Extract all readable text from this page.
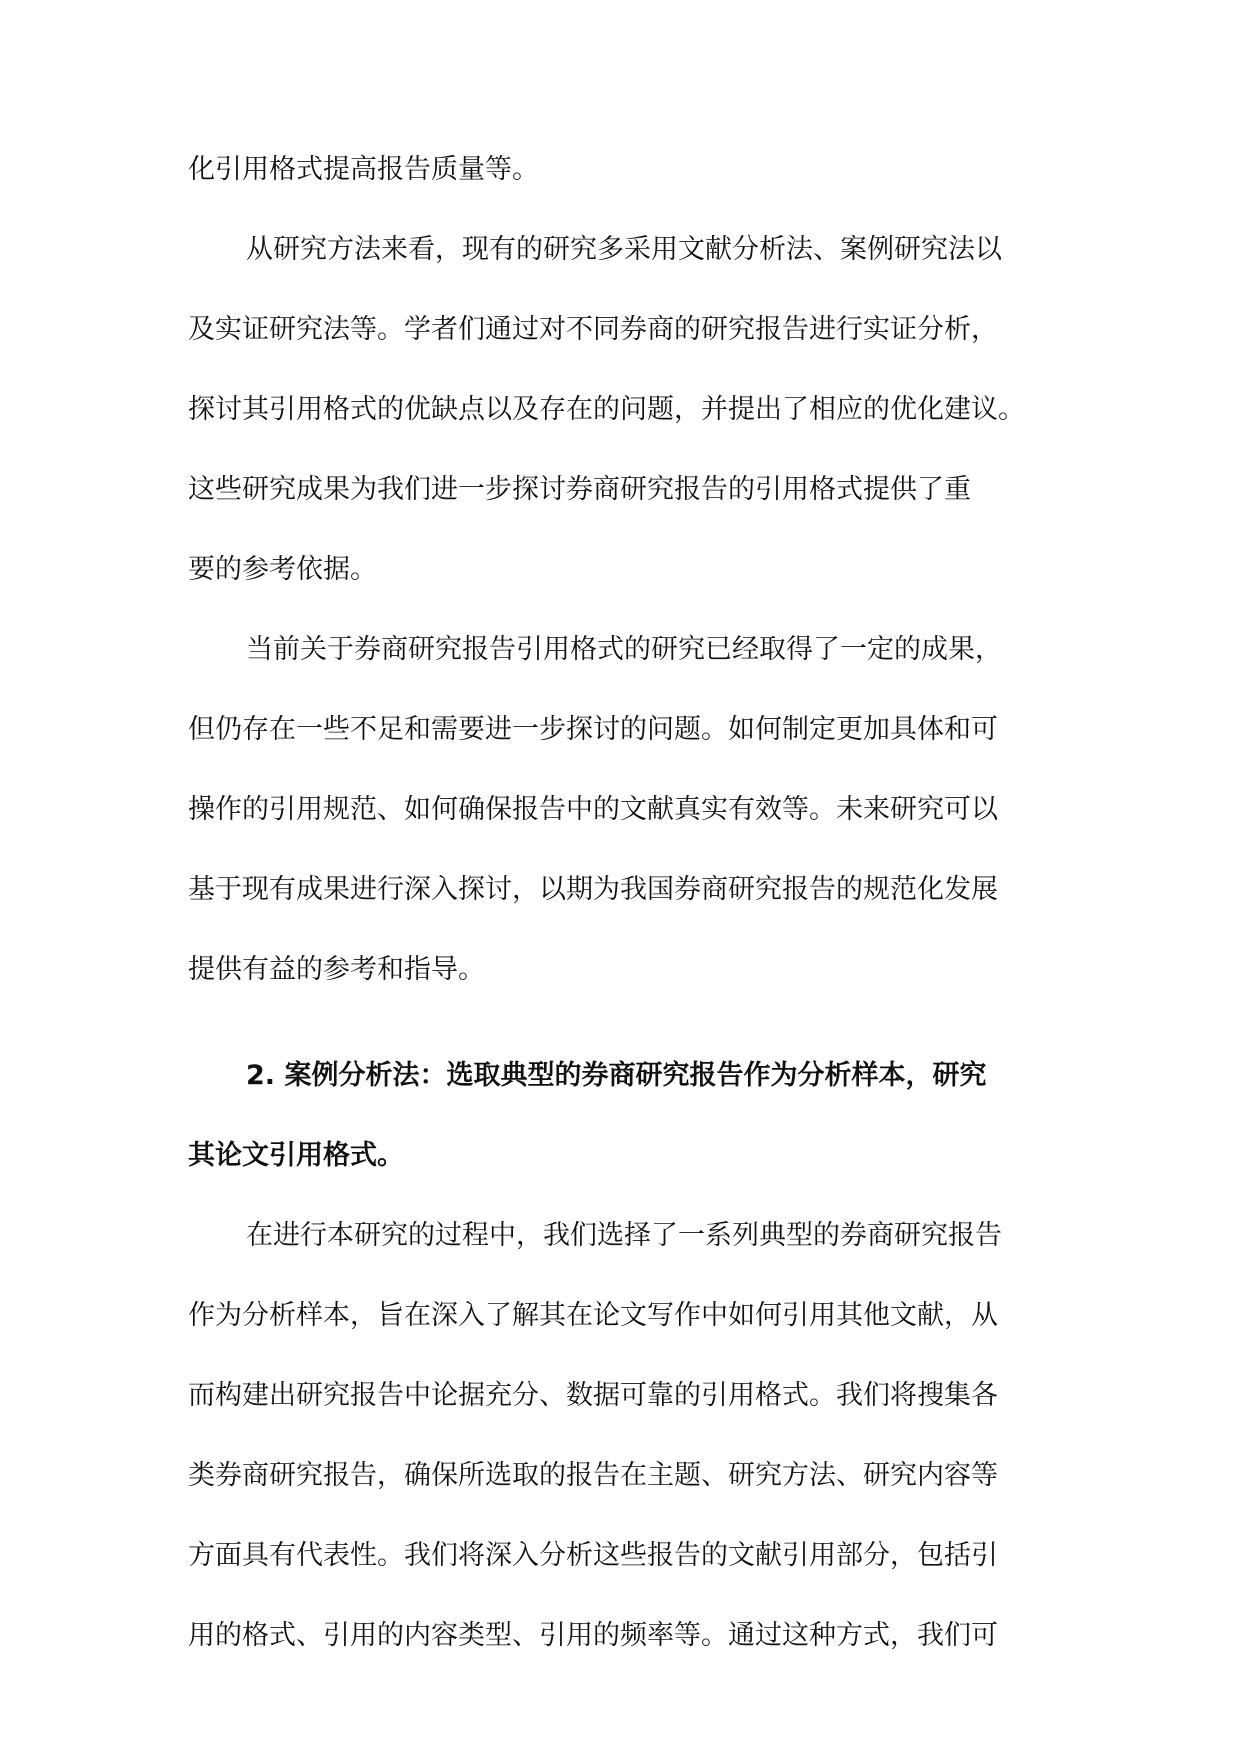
化引用格式提高报告质量等。

从研究方法来看，现有的研究多采用文献分析法、案例研究法以

及实证研究法等。学者们通过对不同券商的研究报告进行实证分析，

探讨其引用格式的优缺点以及存在的问题，并提出了相应的优化建议。

这些研究成果为我们进一步探讨券商研究报告的引用格式提供了重

要的参考依据。

当前关于券商研究报告引用格式的研究已经取得了一定的成果，

但仍存在一些不足和需要进一步探讨的问题。如何制定更加具体和可

操作的引用规范、如何确保报告中的文献真实有效等。未来研究可以

基于现有成果进行深入探讨，以期为我国券商研究报告的规范化发展

提供有益的参考和指导。

2. 案例分析法：选取典型的券商研究报告作为分析样本，研究

其论文引用格式。

在进行本研究的过程中，我们选择了一系列典型的券商研究报告

作为分析样本，旨在深入了解其在论文写作中如何引用其他文献，从

而构建出研究报告中论据充分、数据可靠的引用格式。我们将搜集各

类券商研究报告，确保所选取的报告在主题、研究方法、研究内容等

方面具有代表性。我们将深入分析这些报告的文献引用部分，包括引

用的格式、引用的内容类型、引用的频率等。通过这种方式，我们可
